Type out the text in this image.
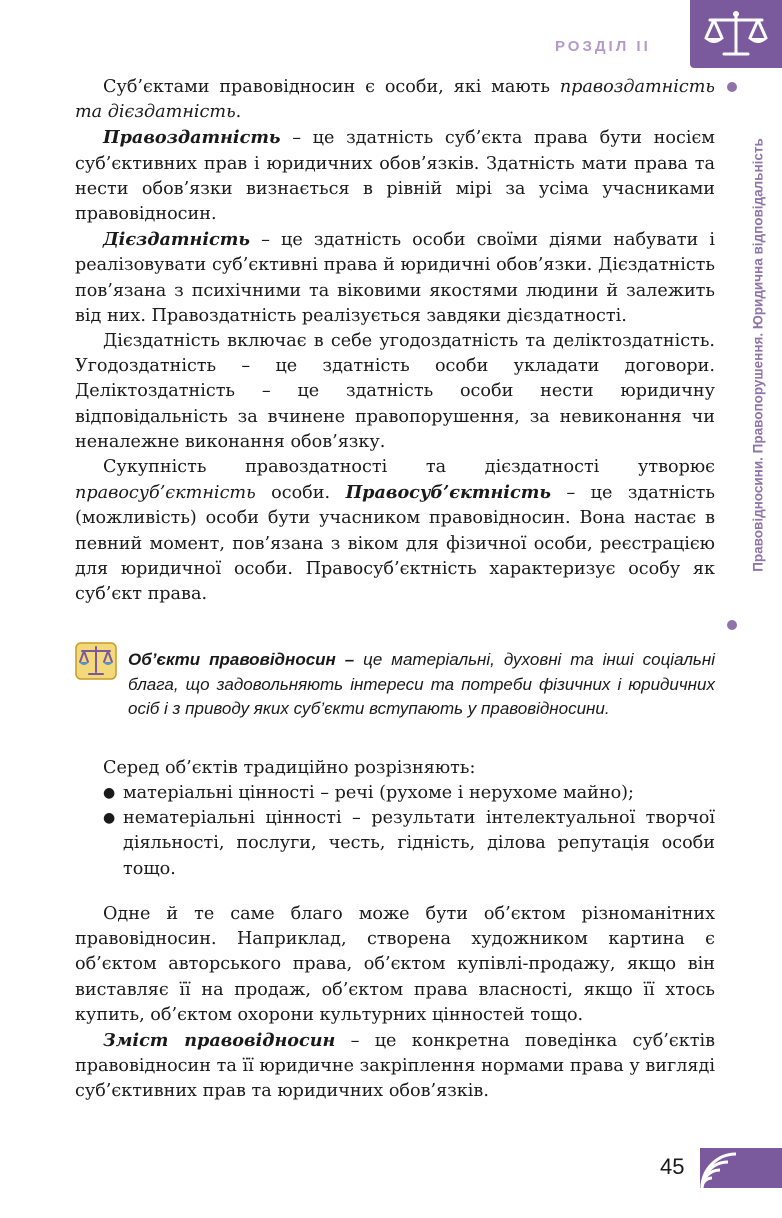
РОЗДІЛ II
Правовідносини. Правопорушення. Юридична відповідальність

Суб’єктами правовідносин є особи, які мають правоздатність та дієздатність.

Правоздатність – це здатність суб’єкта права бути носієм суб’єктивних прав і юридичних обов’язків. Здатність мати права та нести обов’язки визнається в рівній мірі за усіма учасниками правовідносин.

Дієздатність – це здатність особи своїми діями набувати і реалізовувати суб’єктивні права й юридичні обов’язки. Дієздатність пов’язана з психічними та віковими якостями людини й залежить від них. Правоздатність реалізується завдяки дієздатності.

Дієздатність включає в себе угодоздатність та деліктоздатність. Угодоздатність – це здатність особи укладати договори. Деліктоздатність – це здатність особи нести юридичну відповідальність за вчинене правопорушення, за невиконання чи неналежне виконання обов’язку.

Сукупність правоздатності та дієздатності утворює правосуб’єктність особи. Правосуб’єктність – це здатність (можливість) особи бути учасником правовідносин. Вона настає в певний момент, пов’язана з віком для фізичної особи, реєстрацією для юридичної особи. Правосуб’єктність характеризує особу як суб’єкт права.

Об’єкти правовідносин – це матеріальні, духовні та інші соціальні блага, що задовольняють інтереси та потреби фізичних і юридичних осіб і з приводу яких суб’єкти вступають у правовідносини.
Серед об’єктів традиційно розрізняють:
● матеріальні цінності – речі (рухоме і нерухоме майно);
● нематеріальні цінності – результати інтелектуальної творчої діяльності, послуги, честь, гідність, ділова репутація особи тощо.

Одне й те саме благо може бути об’єктом різноманітних правовідносин. Наприклад, створена художником картина є об’єктом авторського права, об’єктом купівлі-продажу, якщо він виставляє її на продаж, об’єктом права власності, якщо її хтось купить, об’єктом охорони культурних цінностей тощо.

Зміст правовідносин – це конкретна поведінка суб’єктів правовідносин та її юридичне закріплення нормами права у вигляді суб’єктивних прав та юридичних обов’язків.

45
